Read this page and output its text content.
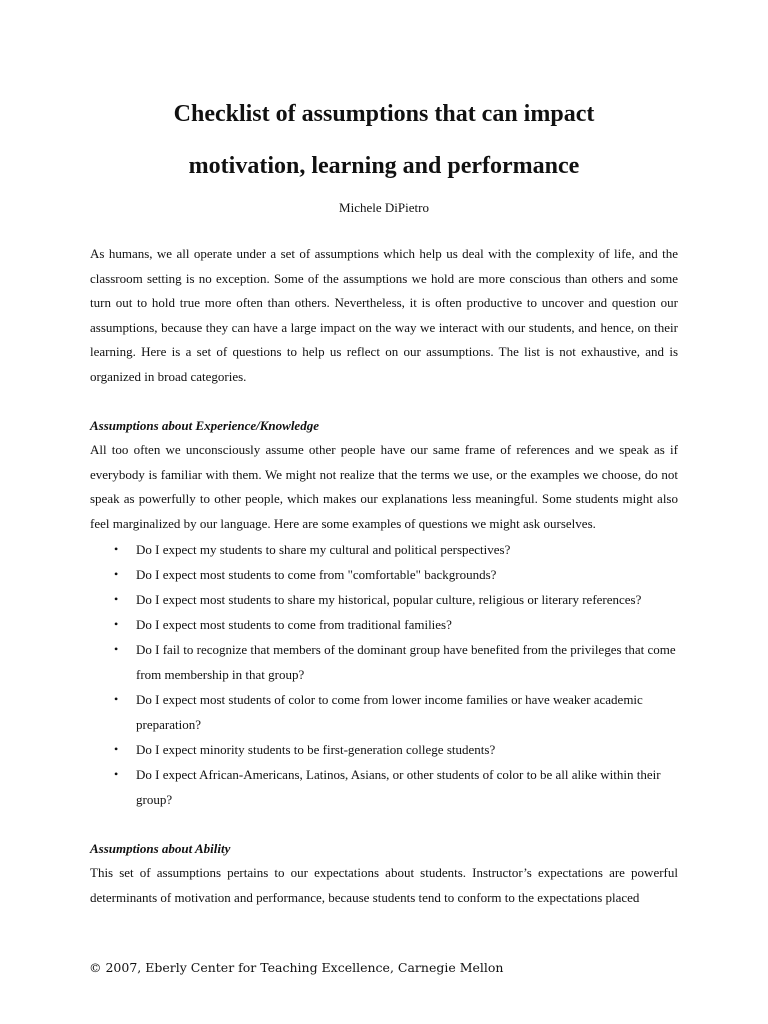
Checklist of assumptions that can impact
motivation, learning and performance

Michele DiPietro

As humans, we all operate under a set of assumptions which help us deal with the complexity of life, and the classroom setting is no exception. Some of the assumptions we hold are more conscious than others and some turn out to hold true more often than others. Nevertheless, it is often productive to uncover and question our assumptions, because they can have a large impact on the way we interact with our students, and hence, on their learning. Here is a set of questions to help us reflect on our assumptions. The list is not exhaustive, and is organized in broad categories.

Assumptions about Experience/Knowledge

All too often we unconsciously assume other people have our same frame of references and we speak as if everybody is familiar with them. We might not realize that the terms we use, or the examples we choose, do not speak as powerfully to other people, which makes our explanations less meaningful. Some students might also feel marginalized by our language. Here are some examples of questions we might ask ourselves.

• Do I expect my students to share my cultural and political perspectives?
• Do I expect most students to come from "comfortable" backgrounds?
• Do I expect most students to share my historical, popular culture, religious or literary references?
• Do I expect most students to come from traditional families?
• Do I fail to recognize that members of the dominant group have benefited from the privileges that come from membership in that group?
• Do I expect most students of color to come from lower income families or have weaker academic preparation?
• Do I expect minority students to be first-generation college students?
• Do I expect African-Americans, Latinos, Asians, or other students of color to be all alike within their group?

Assumptions about Ability

This set of assumptions pertains to our expectations about students. Instructor’s expectations are powerful determinants of motivation and performance, because students tend to conform to the expectations placed

© 2007, Eberly Center for Teaching Excellence, Carnegie Mellon
